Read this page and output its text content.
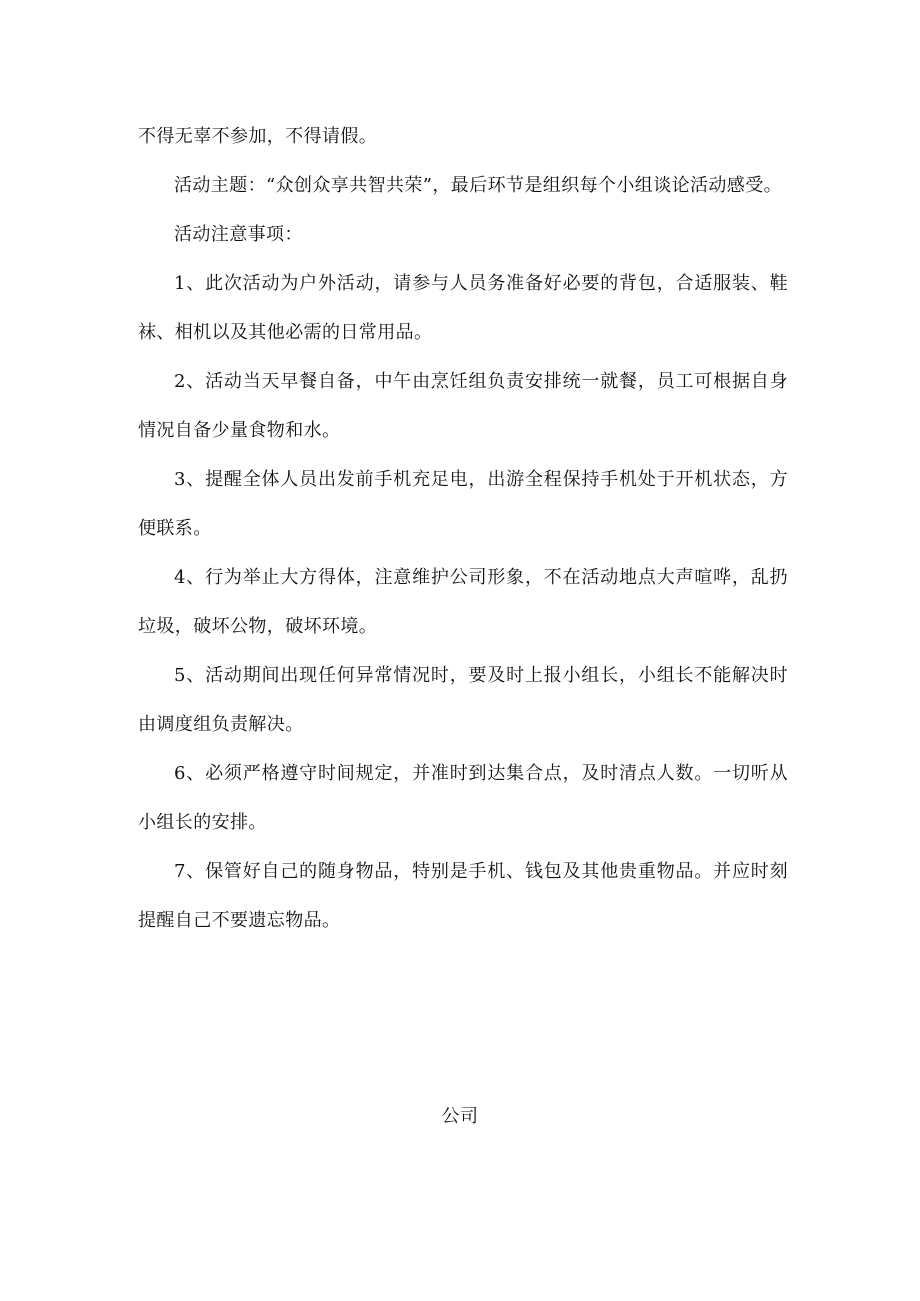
不得无辜不参加，不得请假。

活动主题：“众创众享共智共荣”，最后环节是组织每个小组谈论活动感受。

活动注意事项：

1、此次活动为户外活动，请参与人员务准备好必要的背包，合适服装、鞋袜、相机以及其他必需的日常用品。

2、活动当天早餐自备，中午由烹饪组负责安排统一就餐，员工可根据自身情况自备少量食物和水。

3、提醒全体人员出发前手机充足电，出游全程保持手机处于开机状态，方便联系。

4、行为举止大方得体，注意维护公司形象，不在活动地点大声喧哗，乱扔垃圾，破坏公物，破坏环境。

5、活动期间出现任何异常情况时，要及时上报小组长，小组长不能解决时由调度组负责解决。

6、必须严格遵守时间规定，并准时到达集合点，及时清点人数。一切听从小组长的安排。

7、保管好自己的随身物品，特别是手机、钱包及其他贵重物品。并应时刻提醒自己不要遗忘物品。

公司
